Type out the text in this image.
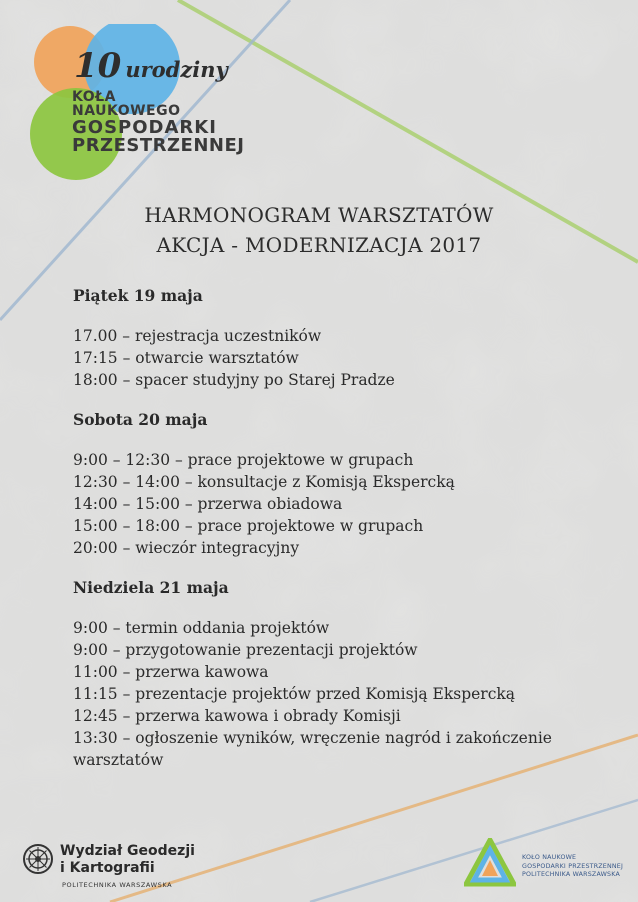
10 urodziny
KOŁA
NAUKOWEGO
GOSPODARKI
PRZESTRZENNEJ
HARMONOGRAM WARSZTATÓW
AKCJA - MODERNIZACJA 2017

Piątek 19 maja

17.00 – rejestracja uczestników

17:15 – otwarcie warsztatów

18:00 – spacer studyjny po Starej Pradze

Sobota 20 maja

9:00 – 12:30 – prace projektowe w grupach

12:30 – 14:00 – konsultacje z Komisją Ekspercką

14:00 – 15:00 – przerwa obiadowa

15:00 – 18:00 – prace projektowe w grupach

20:00 – wieczór integracyjny

Niedziela 21 maja

9:00 – termin oddania projektów

9:00 – przygotowanie prezentacji projektów

11:00 – przerwa kawowa

11:15 – prezentacje projektów przed Komisją Ekspercką

12:45 – przerwa kawowa i obrady Komisji

13:30 – ogłoszenie wyników, wręczenie nagród i zakończenie warsztatów

Wydział Geodezji
i Kartografii
POLITECHNIKA WARSZAWSKA
KOŁO NAUKOWE
GOSPODARKI PRZESTRZENNEJ
POLITECHNIKA WARSZAWSKA
